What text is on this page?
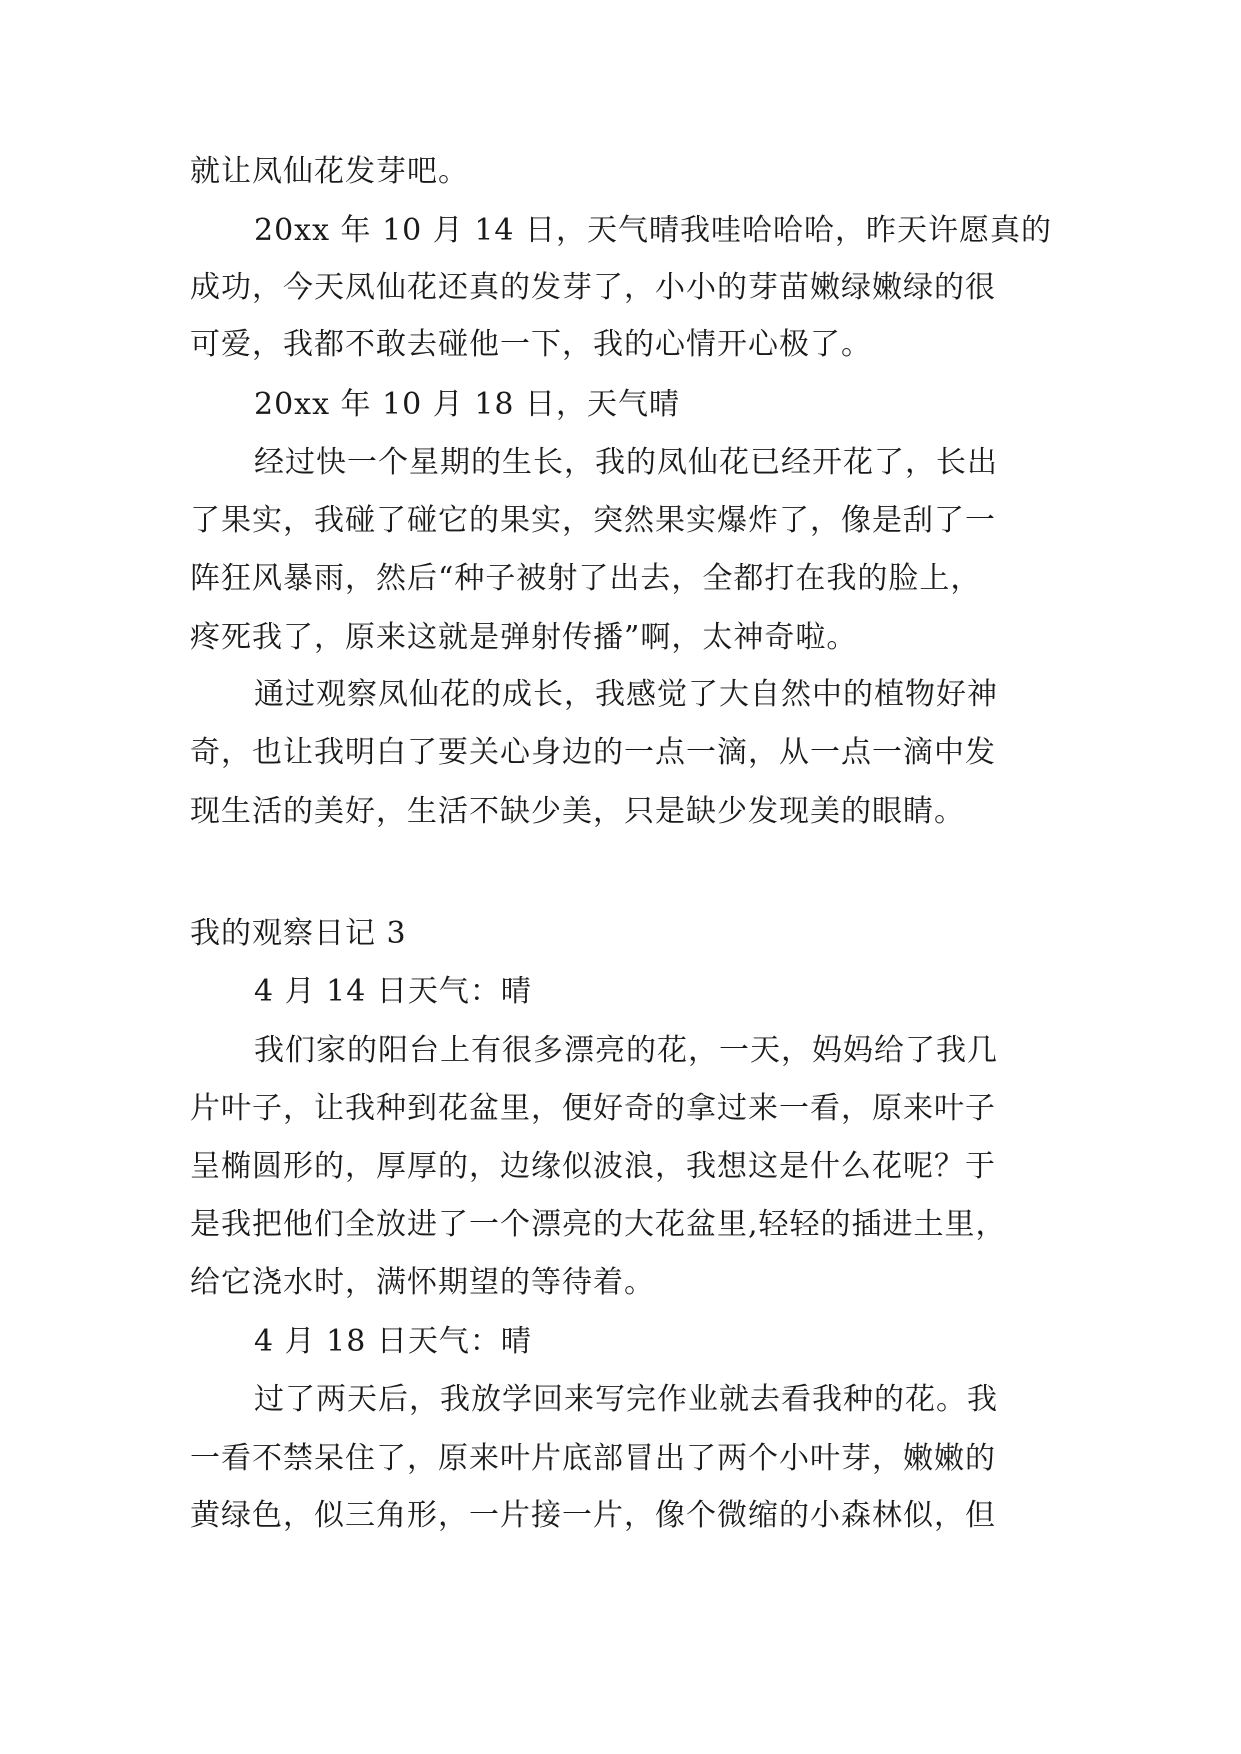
就让凤仙花发芽吧。
20xx 年 10 月 14 日，天气晴我哇哈哈哈，昨天许愿真的
成功，今天凤仙花还真的发芽了，小小的芽苗嫩绿嫩绿的很
可爱，我都不敢去碰他一下，我的心情开心极了。
20xx 年 10 月 18 日，天气晴
经过快一个星期的生长，我的凤仙花已经开花了，长出
了果实，我碰了碰它的果实，突然果实爆炸了，像是刮了一
阵狂风暴雨，然后“种子被射了出去，全都打在我的脸上，
疼死我了，原来这就是弹射传播”啊，太神奇啦。
通过观察凤仙花的成长，我感觉了大自然中的植物好神
奇，也让我明白了要关心身边的一点一滴，从一点一滴中发
现生活的美好，生活不缺少美，只是缺少发现美的眼睛。
我的观察日记 3
4 月 14 日天气：晴
我们家的阳台上有很多漂亮的花，一天，妈妈给了我几
片叶子，让我种到花盆里，便好奇的拿过来一看，原来叶子
呈椭圆形的，厚厚的，边缘似波浪，我想这是什么花呢？于
是我把他们全放进了一个漂亮的大花盆里,轻轻的插进土里，
给它浇水时，满怀期望的等待着。
4 月 18 日天气：晴
过了两天后，我放学回来写完作业就去看我种的花。我
一看不禁呆住了，原来叶片底部冒出了两个小叶芽，嫩嫩的
黄绿色，似三角形，一片接一片，像个微缩的小森林似，但
